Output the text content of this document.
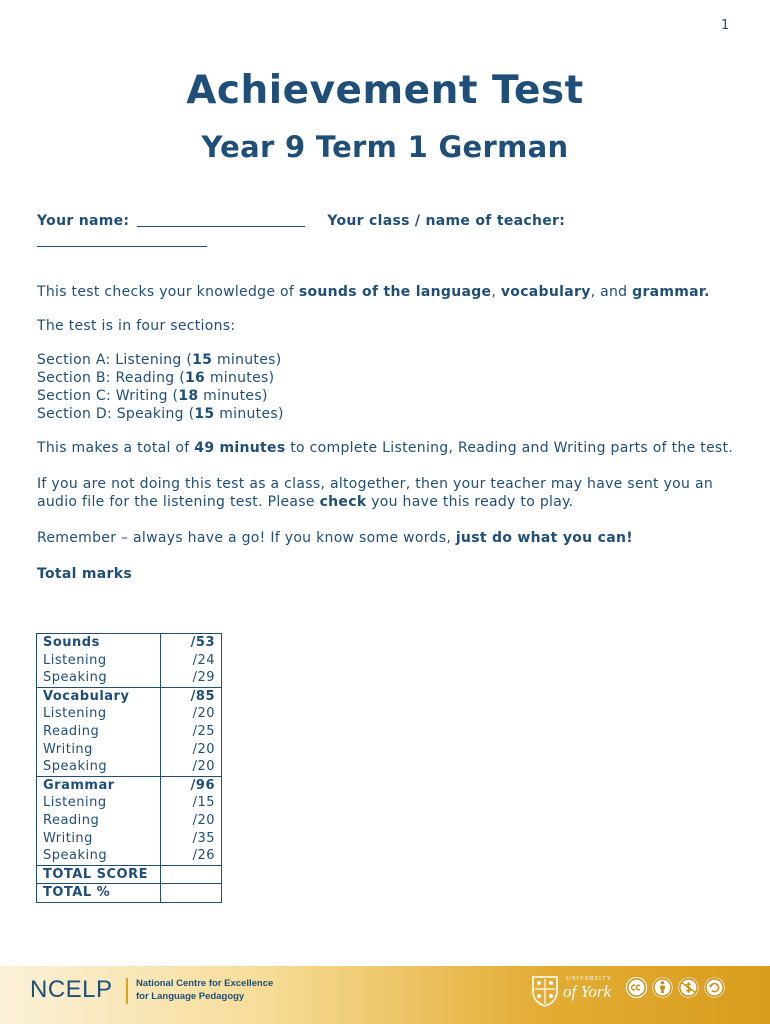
1
Achievement Test
Year 9 Term 1 German
Your name:	Your class / name of teacher:

This test checks your knowledge of sounds of the language, vocabulary, and grammar.

The test is in four sections:

Section A: Listening (15 minutes)
Section B: Reading (16 minutes)
Section C: Writing (18 minutes)
Section D: Speaking (15 minutes)

This makes a total of 49 minutes to complete Listening, Reading and Writing parts of the test.

If you are not doing this test as a class, altogether, then your teacher may have sent you an audio file for the listening test. Please check you have this ready to play.

Remember – always have a go! If you know some words, just do what you can!

Total marks

Sounds	/53
Listening	/24
Speaking	/29
Vocabulary	/85
Listening	/20
Reading	/25
Writing	/20
Speaking	/20
Grammar	/96
Listening	/15
Reading	/20
Writing	/35
Speaking	/26
TOTAL SCORE	
TOTAL %	
NCELP National Centre for Excellence
for Language Pedagogy
UNIVERSITY
of York
